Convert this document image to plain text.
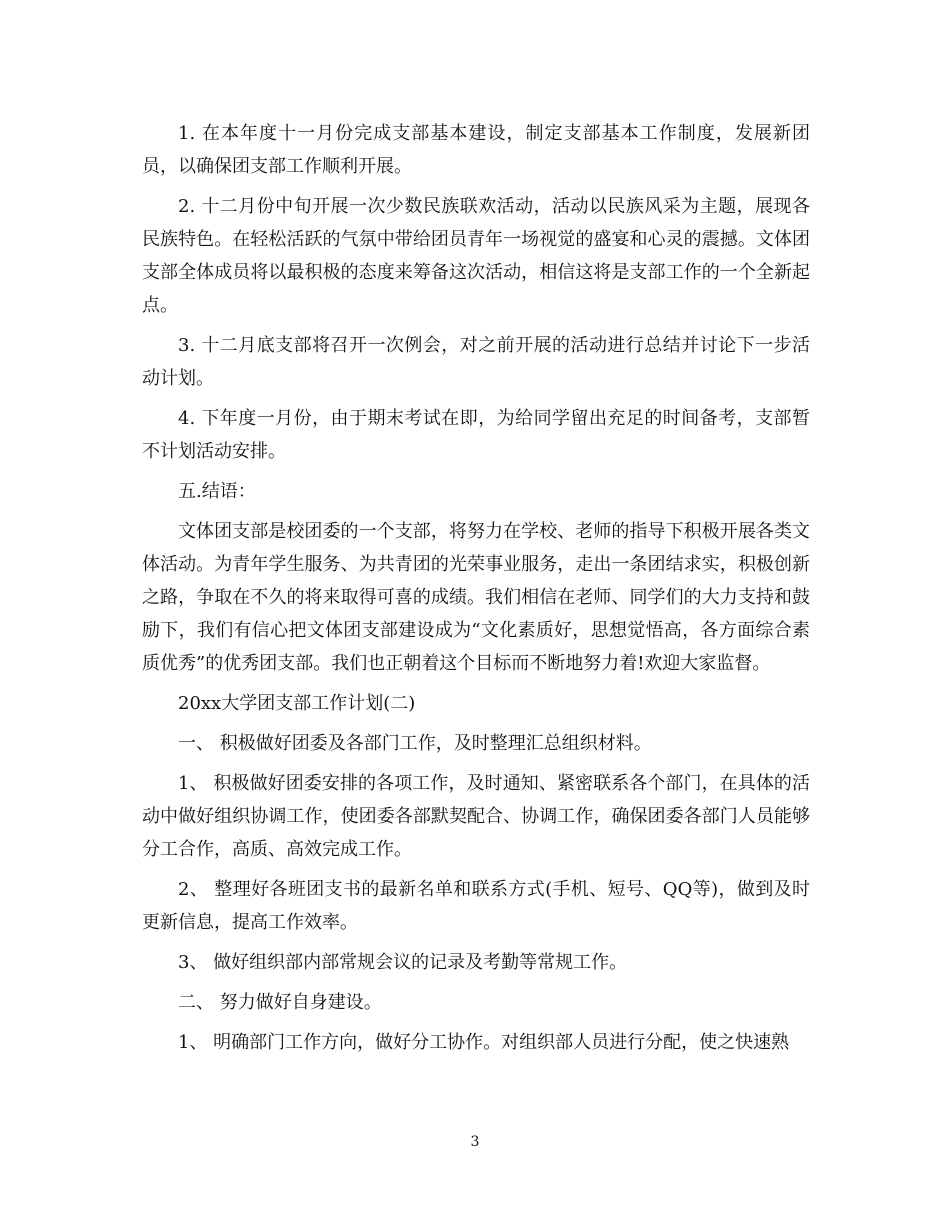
1. 在本年度十一月份完成支部基本建设，制定支部基本工作制度，发展新团员，以确保团支部工作顺利开展。

2. 十二月份中旬开展一次少数民族联欢活动，活动以民族风采为主题，展现各民族特色。在轻松活跃的气氛中带给团员青年一场视觉的盛宴和心灵的震撼。文体团支部全体成员将以最积极的态度来筹备这次活动，相信这将是支部工作的一个全新起点。

3. 十二月底支部将召开一次例会，对之前开展的活动进行总结并讨论下一步活动计划。

4. 下年度一月份，由于期末考试在即，为给同学留出充足的时间备考，支部暂不计划活动安排。

五.结语：

文体团支部是校团委的一个支部，将努力在学校、老师的指导下积极开展各类文体活动。为青年学生服务、为共青团的光荣事业服务，走出一条团结求实，积极创新之路，争取在不久的将来取得可喜的成绩。我们相信在老师、同学们的大力支持和鼓励下，我们有信心把文体团支部建设成为“文化素质好，思想觉悟高，各方面综合素质优秀”的优秀团支部。我们也正朝着这个目标而不断地努力着!欢迎大家监督。

20xx大学团支部工作计划(二)

一、 积极做好团委及各部门工作，及时整理汇总组织材料。

1、 积极做好团委安排的各项工作，及时通知、紧密联系各个部门，在具体的活动中做好组织协调工作，使团委各部默契配合、协调工作，确保团委各部门人员能够分工合作，高质、高效完成工作。

2、 整理好各班团支书的最新名单和联系方式(手机、短号、QQ等)，做到及时更新信息，提高工作效率。

3、 做好组织部内部常规会议的记录及考勤等常规工作。

二、 努力做好自身建设。

1、 明确部门工作方向，做好分工协作。对组织部人员进行分配，使之快速熟

3
